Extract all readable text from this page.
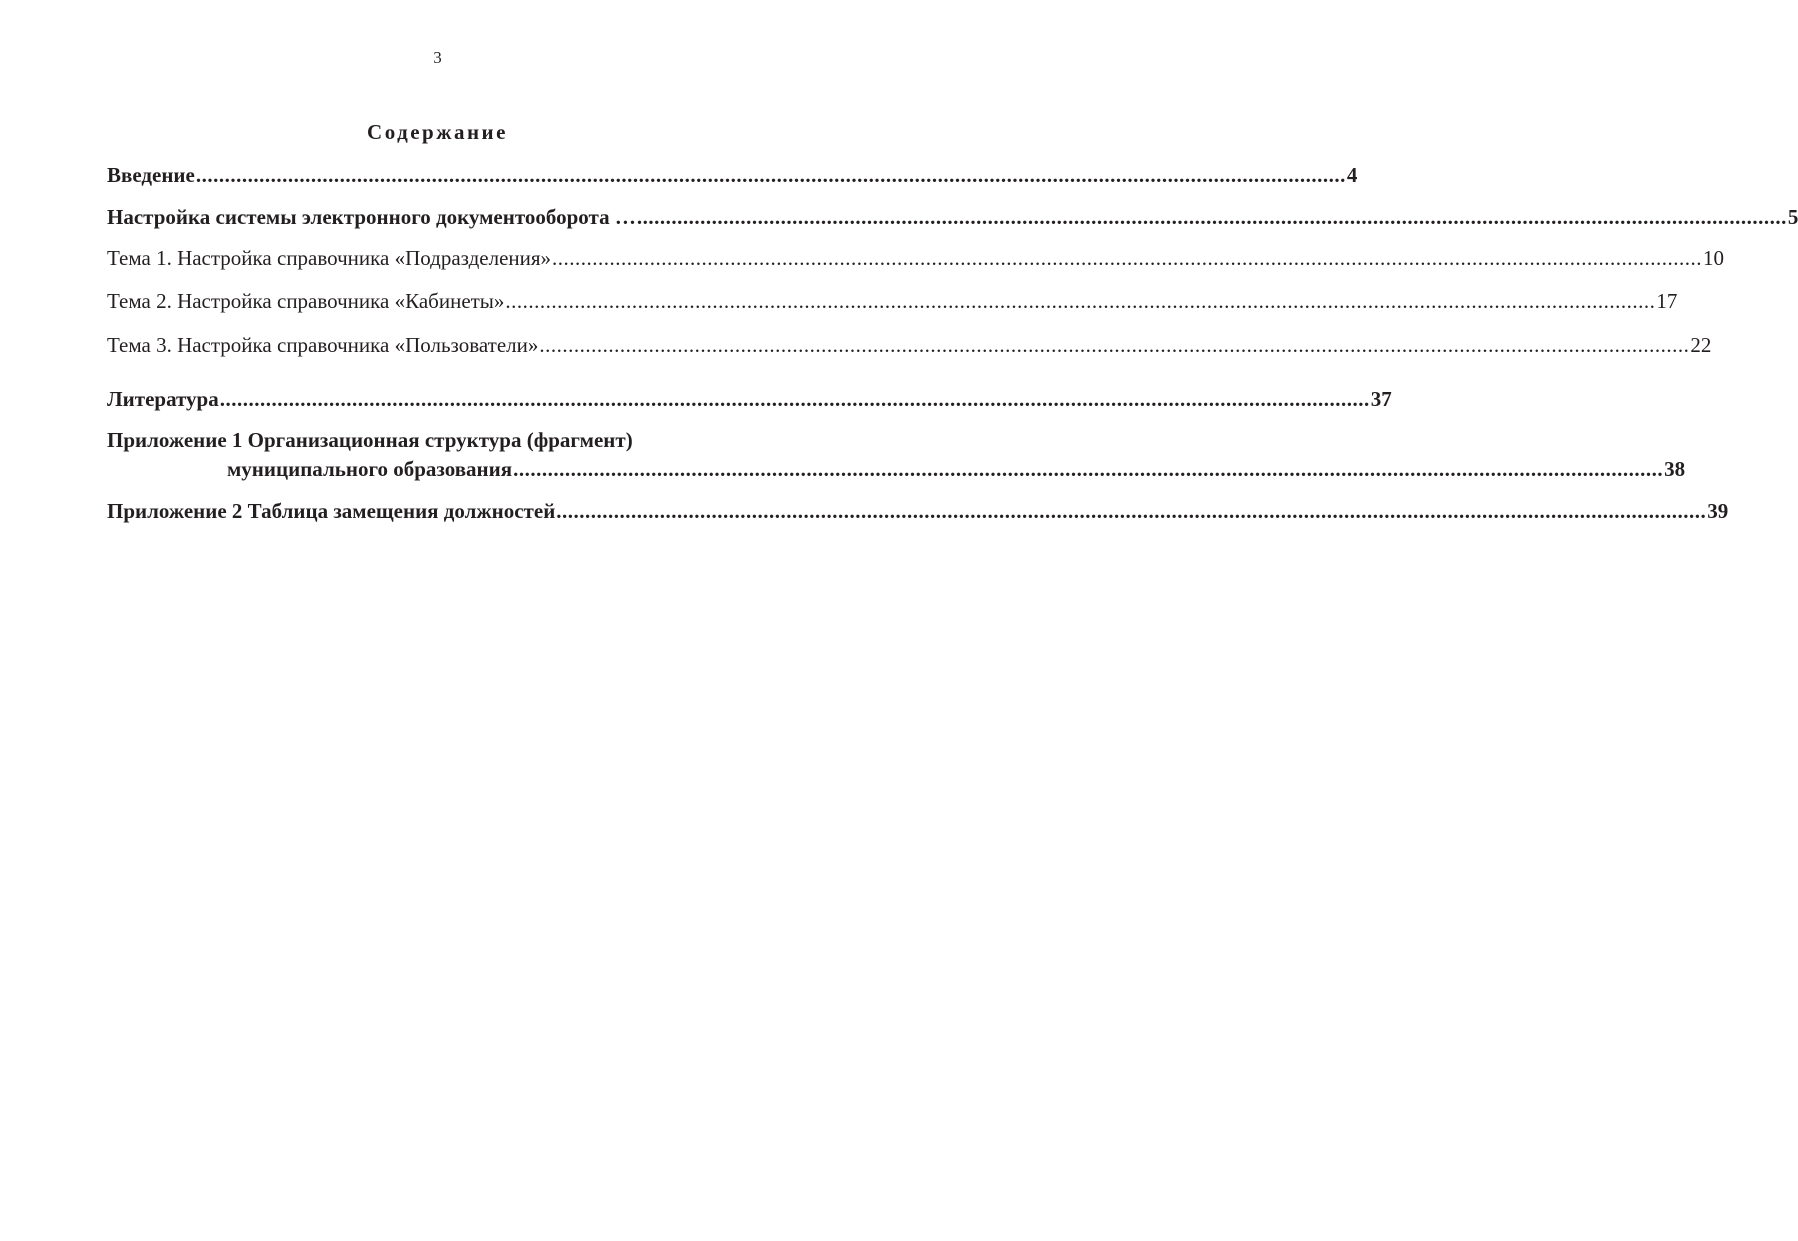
3
Содержание
Введение ........................................................................................................................................................................................................ 4
Настройка системы электронного документооборота … ........................................................................................................................................................................................................ 5
Тема 1. Настройка справочника «Подразделения» ........................................................................................................................................................................................................ 10
Тема 2. Настройка справочника «Кабинеты» ........................................................................................................................................................................................................ 17
Тема 3. Настройка справочника «Пользователи» ........................................................................................................................................................................................................ 22
Литература ........................................................................................................................................................................................................ 37
Приложение 1 Организационная структура (фрагмент)
муниципального образования ........................................................................................................................................................................................................ 38
Приложение 2 Таблица замещения должностей ........................................................................................................................................................................................................ 39
